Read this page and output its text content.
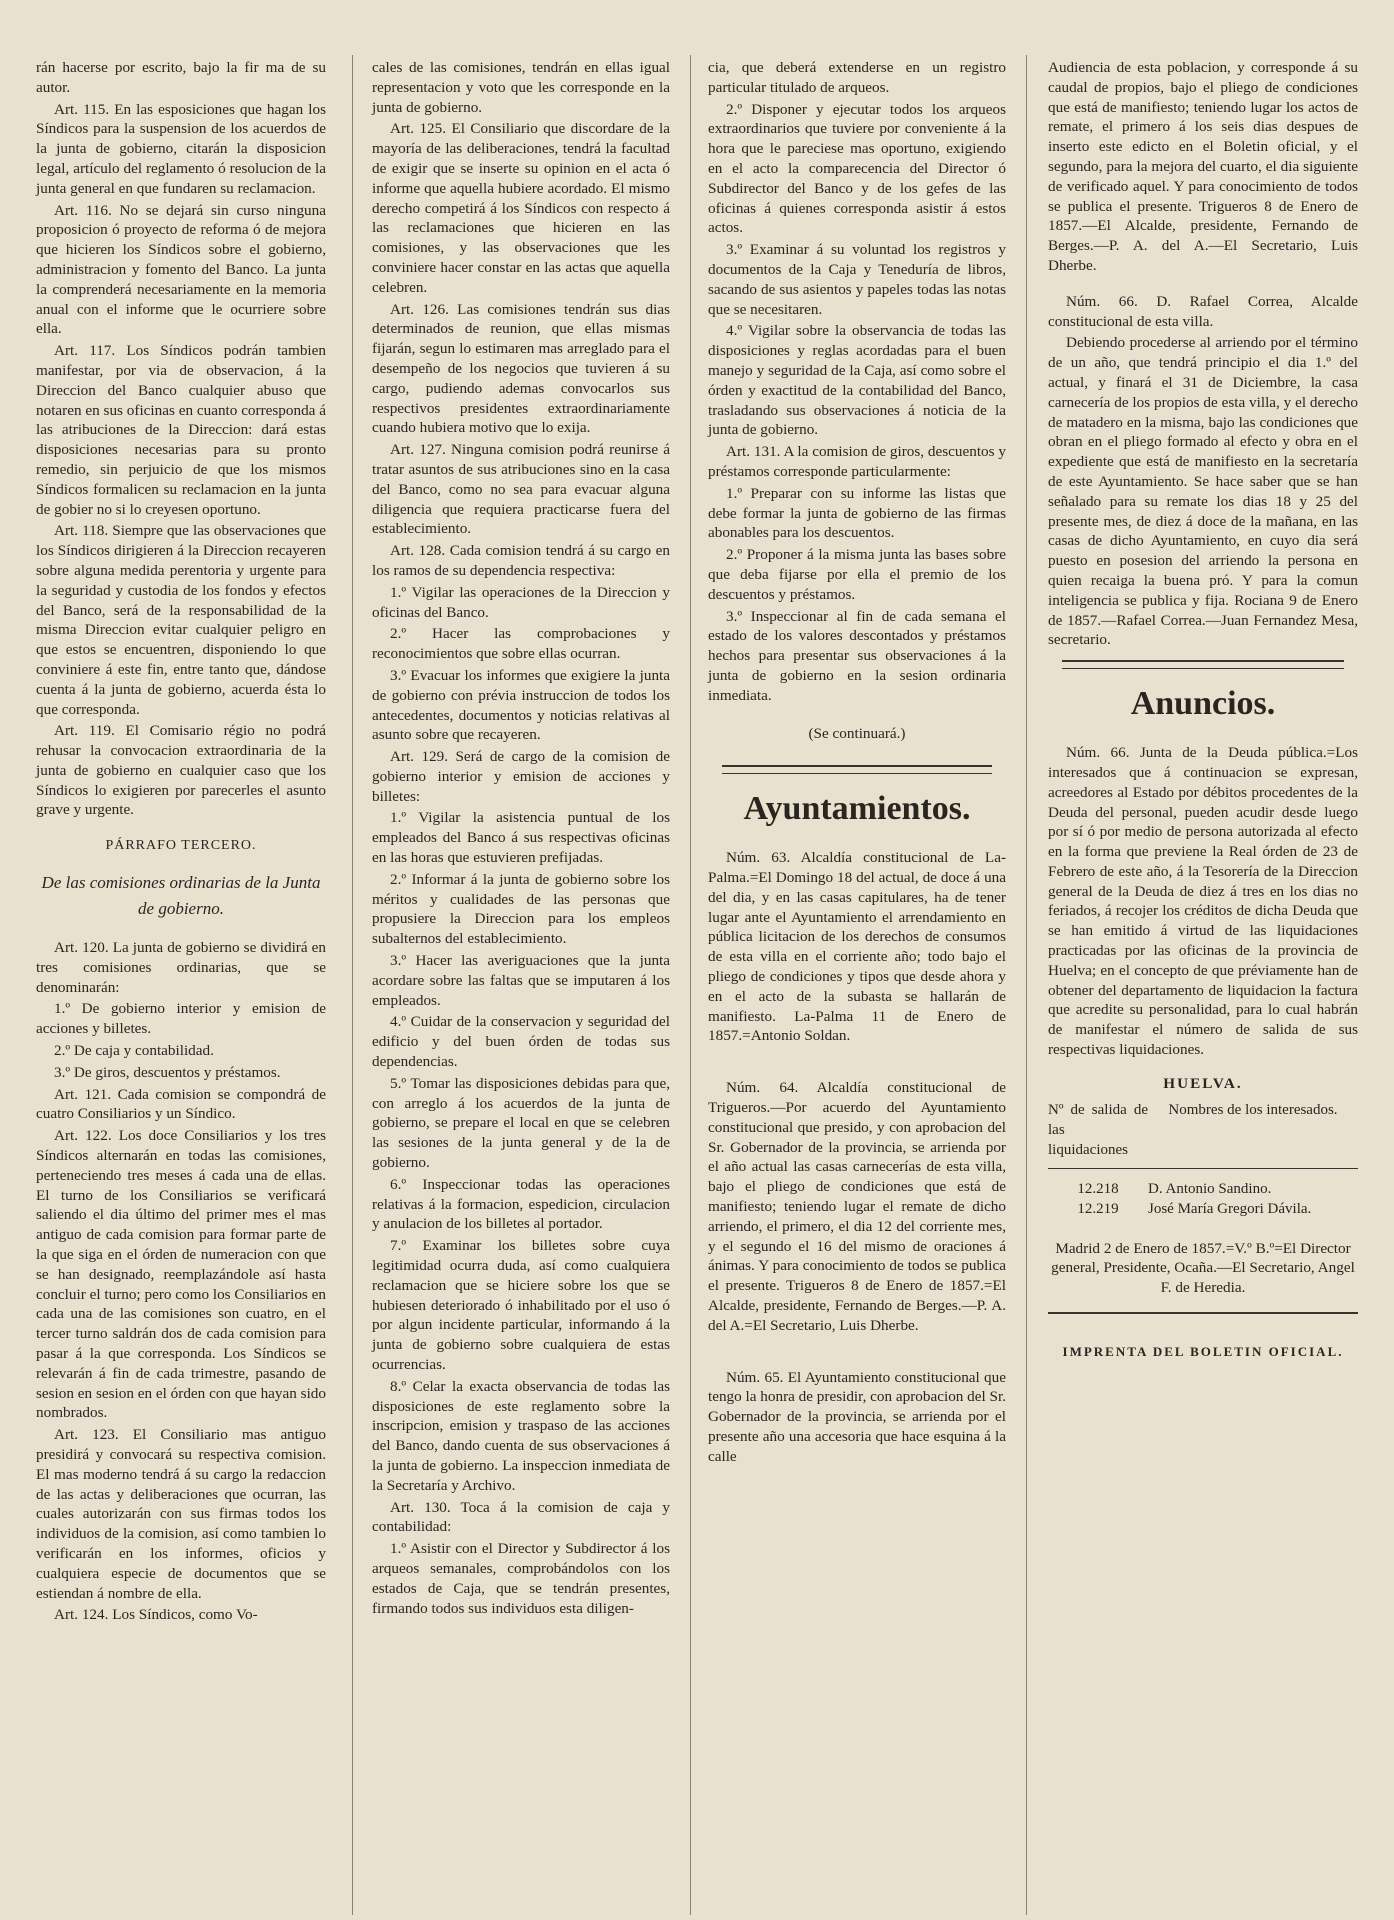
rán hacerse por escrito, bajo la fir ma de su autor.

Art. 115. En las esposiciones que hagan los Síndicos para la suspension de los acuerdos de la junta de gobierno, citarán la disposicion legal, artículo del reglamento ó resolucion de la junta general en que fundaren su reclamacion.

Art. 116. No se dejará sin curso ninguna proposicion ó proyecto de reforma ó de mejora que hicieren los Síndicos sobre el gobierno, administracion y fomento del Banco. La junta la comprenderá necesariamente en la memoria anual con el informe que le ocurriere sobre ella.

Art. 117. Los Síndicos podrán tambien manifestar, por via de observacion, á la Direccion del Banco cualquier abuso que notaren en sus oficinas en cuanto corresponda á las atribuciones de la Direccion: dará estas disposiciones necesarias para su pronto remedio, sin perjuicio de que los mismos Síndicos formalicen su reclamacion en la junta de gobier no si lo creyesen oportuno.

Art. 118. Siempre que las observaciones que los Síndicos dirigieren á la Direccion recayeren sobre alguna medida perentoria y urgente para la seguridad y custodia de los fondos y efectos del Banco, será de la responsabilidad de la misma Direccion evitar cualquier peligro en que estos se encuentren, disponiendo lo que conviniere á este fin, entre tanto que, dándose cuenta á la junta de gobierno, acuerda ésta lo que corresponda.

Art. 119. El Comisario régio no podrá rehusar la convocacion extraordinaria de la junta de gobierno en cualquier caso que los Síndicos lo exigieren por parecerles el asunto grave y urgente.

PÁRRAFO TERCERO.
De las comisiones ordinarias de la Junta de gobierno.

Art. 120. La junta de gobierno se dividirá en tres comisiones ordinarias, que se denominarán:

1.º De gobierno interior y emision de acciones y billetes.

2.º De caja y contabilidad.

3.º De giros, descuentos y préstamos.

Art. 121. Cada comision se compondrá de cuatro Consiliarios y un Síndico.

Art. 122. Los doce Consiliarios y los tres Síndicos alternarán en todas las comisiones, perteneciendo tres meses á cada una de ellas. El turno de los Consiliarios se verificará saliendo el dia último del primer mes el mas antiguo de cada comision para formar parte de la que siga en el órden de numeracion con que se han designado, reemplazándole así hasta concluir el turno; pero como los Consiliarios en cada una de las comisiones son cuatro, en el tercer turno saldrán dos de cada comision para pasar á la que corresponda. Los Síndicos se relevarán á fin de cada trimestre, pasando de sesion en sesion en el órden con que hayan sido nombrados.

Art. 123. El Consiliario mas antiguo presidirá y convocará su respectiva comision. El mas moderno tendrá á su cargo la redaccion de las actas y deliberaciones que ocurran, las cuales autorizarán con sus firmas todos los individuos de la comision, así como tambien lo verificarán en los informes, oficios y cualquiera especie de documentos que se estiendan á nombre de ella.

Art. 124. Los Síndicos, como Vo-

cales de las comisiones, tendrán en ellas igual representacion y voto que les corresponde en la junta de gobierno.

Art. 125. El Consiliario que discordare de la mayoría de las deliberaciones, tendrá la facultad de exigir que se inserte su opinion en el acta ó informe que aquella hubiere acordado. El mismo derecho competirá á los Síndicos con respecto á las reclamaciones que hicieren en las comisiones, y las observaciones que les conviniere hacer constar en las actas que aquella celebren.

Art. 126. Las comisiones tendrán sus dias determinados de reunion, que ellas mismas fijarán, segun lo estimaren mas arreglado para el desempeño de los negocios que tuvieren á su cargo, pudiendo ademas convocarlos sus respectivos presidentes extraordinariamente cuando hubiera motivo que lo exija.

Art. 127. Ninguna comision podrá reunirse á tratar asuntos de sus atribuciones sino en la casa del Banco, como no sea para evacuar alguna diligencia que requiera practicarse fuera del establecimiento.

Art. 128. Cada comision tendrá á su cargo en los ramos de su dependencia respectiva:

1.º Vigilar las operaciones de la Direccion y oficinas del Banco.

2.º Hacer las comprobaciones y reconocimientos que sobre ellas ocurran.

3.º Evacuar los informes que exigiere la junta de gobierno con prévia instruccion de todos los antecedentes, documentos y noticias relativas al asunto sobre que recayeren.

Art. 129. Será de cargo de la comision de gobierno interior y emision de acciones y billetes:

1.º Vigilar la asistencia puntual de los empleados del Banco á sus respectivas oficinas en las horas que estuvieren prefijadas.

2.º Informar á la junta de gobierno sobre los méritos y cualidades de las personas que propusiere la Direccion para los empleos subalternos del establecimiento.

3.º Hacer las averiguaciones que la junta acordare sobre las faltas que se imputaren á los empleados.

4.º Cuidar de la conservacion y seguridad del edificio y del buen órden de todas sus dependencias.

5.º Tomar las disposiciones debidas para que, con arreglo á los acuerdos de la junta de gobierno, se prepare el local en que se celebren las sesiones de la junta general y de la de gobierno.

6.º Inspeccionar todas las operaciones relativas á la formacion, espedicion, circulacion y anulacion de los billetes al portador.

7.º Examinar los billetes sobre cuya legitimidad ocurra duda, así como cualquiera reclamacion que se hiciere sobre los que se hubiesen deteriorado ó inhabilitado por el uso ó por algun incidente particular, informando á la junta de gobierno sobre cualquiera de estas ocurrencias.

8.º Celar la exacta observancia de todas las disposiciones de este reglamento sobre la inscripcion, emision y traspaso de las acciones del Banco, dando cuenta de sus observaciones á la junta de gobierno. La inspeccion inmediata de la Secretaría y Archivo.

Art. 130. Toca á la comision de caja y contabilidad:

1.º Asistir con el Director y Subdirector á los arqueos semanales, comprobándolos con los estados de Caja, que se tendrán presentes, firmando todos sus individuos esta diligen-

cia, que deberá extenderse en un registro particular titulado de arqueos.

2.º Disponer y ejecutar todos los arqueos extraordinarios que tuviere por conveniente á la hora que le pareciese mas oportuno, exigiendo en el acto la comparecencia del Director ó Subdirector del Banco y de los gefes de las oficinas á quienes corresponda asistir á estos actos.

3.º Examinar á su voluntad los registros y documentos de la Caja y Teneduría de libros, sacando de sus asientos y papeles todas las notas que se necesitaren.

4.º Vigilar sobre la observancia de todas las disposiciones y reglas acordadas para el buen manejo y seguridad de la Caja, así como sobre el órden y exactitud de la contabilidad del Banco, trasladando sus observaciones á noticia de la junta de gobierno.

Art. 131. A la comision de giros, descuentos y préstamos corresponde particularmente:

1.º Preparar con su informe las listas que debe formar la junta de gobierno de las firmas abonables para los descuentos.

2.º Proponer á la misma junta las bases sobre que deba fijarse por ella el premio de los descuentos y préstamos.

3.º Inspeccionar al fin de cada semana el estado de los valores descontados y préstamos hechos para presentar sus observaciones á la junta de gobierno en la sesion ordinaria inmediata.

(Se continuará.)
Ayuntamientos.

Núm. 63. Alcaldía constitucional de La-Palma.=El Domingo 18 del actual, de doce á una del dia, y en las casas capitulares, ha de tener lugar ante el Ayuntamiento el arrendamiento en pública licitacion de los derechos de consumos de esta villa en el corriente año; todo bajo el pliego de condiciones y tipos que desde ahora y en el acto de la subasta se hallarán de manifiesto. La-Palma 11 de Enero de 1857.=Antonio Soldan.

Núm. 64. Alcaldía constitucional de Trigueros.—Por acuerdo del Ayuntamiento constitucional que presido, y con aprobacion del Sr. Gobernador de la provincia, se arrienda por el año actual las casas carnecerías de esta villa, bajo el pliego de condiciones que está de manifiesto; teniendo lugar el remate de dicho arriendo, el primero, el dia 12 del corriente mes, y el segundo el 16 del mismo de oraciones á ánimas. Y para conocimiento de todos se publica el presente. Trigueros 8 de Enero de 1857.=El Alcalde, presidente, Fernando de Berges.—P. A. del A.=El Secretario, Luis Dherbe.

Núm. 65. El Ayuntamiento constitucional que tengo la honra de presidir, con aprobacion del Sr. Gobernador de la provincia, se arrienda por el presente año una accesoria que hace esquina á la calle

Audiencia de esta poblacion, y corresponde á su caudal de propios, bajo el pliego de condiciones que está de manifiesto; teniendo lugar los actos de remate, el primero á los seis dias despues de inserto este edicto en el Boletin oficial, y el segundo, para la mejora del cuarto, el dia siguiente de verificado aquel. Y para conocimiento de todos se publica el presente. Trigueros 8 de Enero de 1857.—El Alcalde, presidente, Fernando de Berges.—P. A. del A.—El Secretario, Luis Dherbe.

Núm. 66. D. Rafael Correa, Alcalde constitucional de esta villa.

Debiendo procederse al arriendo por el término de un año, que tendrá principio el dia 1.º del actual, y finará el 31 de Diciembre, la casa carnecería de los propios de esta villa, y el derecho de matadero en la misma, bajo las condiciones que obran en el pliego formado al efecto y obra en el expediente que está de manifiesto en la secretaría de este Ayuntamiento. Se hace saber que se han señalado para su remate los dias 18 y 25 del presente mes, de diez á doce de la mañana, en las casas de dicho Ayuntamiento, en cuyo dia será puesto en posesion del arriendo la persona en quien recaiga la buena pró. Y para la comun inteligencia se publica y fija. Rociana 9 de Enero de 1857.—Rafael Correa.—Juan Fernandez Mesa, secretario.

Anuncios.

Núm. 66. Junta de la Deuda pública.=Los interesados que á continuacion se expresan, acreedores al Estado por débitos procedentes de la Deuda del personal, pueden acudir desde luego por sí ó por medio de persona autorizada al efecto en la forma que previene la Real órden de 23 de Febrero de este año, á la Tesorería de la Direccion general de la Deuda de diez á tres en los dias no feriados, á recojer los créditos de dicha Deuda que se han emitido á virtud de las liquidaciones practicadas por las oficinas de la provincia de Huelva; en el concepto de que préviamente han de obtener del departamento de liquidacion la factura que acredite su personalidad, para lo cual habrán de manifestar el número de salida de sus respectivas liquidaciones.

HUELVA.
Nº de salida de las liquidaciones
Nombres de los interesados.
12.218	D. Antonio Sandino.
12.219	José María Gregori Dávila.
Madrid 2 de Enero de 1857.=V.º B.º=El Director general, Presidente, Ocaña.—El Secretario, Angel F. de Heredia.
IMPRENTA DEL BOLETIN OFICIAL.
